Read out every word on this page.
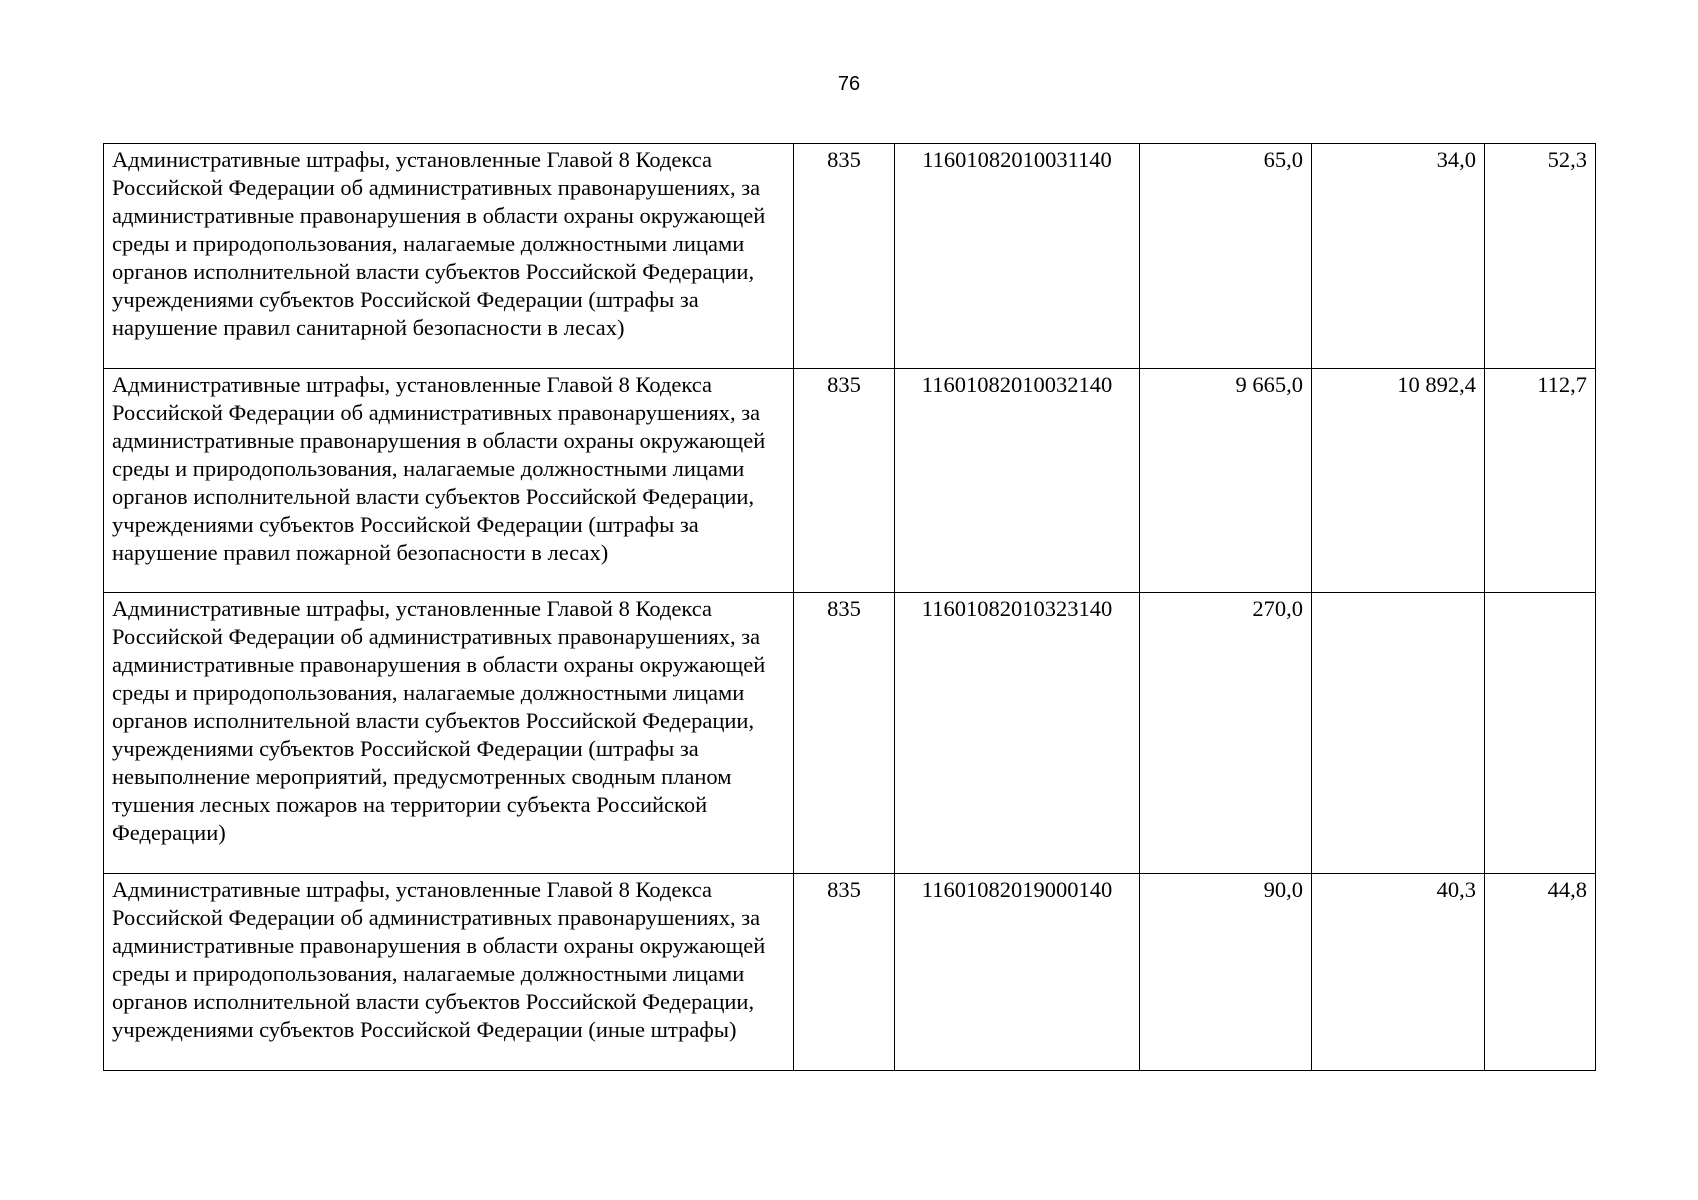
76
Административные штрафы, установленные Главой 8 Кодекса Российской Федерации об административных правонарушениях, за административные правонарушения в области охраны окружающей среды и природопользования, налагаемые должностными лицами органов исполнительной власти субъектов Российской Федерации, учреждениями субъектов Российской Федерации (штрафы за нарушение правил санитарной безопасности в лесах)	835	11601082010031140	65,0	34,0	52,3
Административные штрафы, установленные Главой 8 Кодекса Российской Федерации об административных правонарушениях, за административные правонарушения в области охраны окружающей среды и природопользования, налагаемые должностными лицами органов исполнительной власти субъектов Российской Федерации, учреждениями субъектов Российской Федерации (штрафы за нарушение правил пожарной безопасности в лесах)	835	11601082010032140	9 665,0	10 892,4	112,7
Административные штрафы, установленные Главой 8 Кодекса Российской Федерации об административных правонарушениях, за административные правонарушения в области охраны окружающей среды и природопользования, налагаемые должностными лицами органов исполнительной власти субъектов Российской Федерации, учреждениями субъектов Российской Федерации (штрафы за невыполнение мероприятий, предусмотренных сводным планом тушения лесных пожаров на территории субъекта Российской Федерации)	835	11601082010323140	270,0		
Административные штрафы, установленные Главой 8 Кодекса Российской Федерации об административных правонарушениях, за административные правонарушения в области охраны окружающей среды и природопользования, налагаемые должностными лицами органов исполнительной власти субъектов Российской Федерации, учреждениями субъектов Российской Федерации (иные штрафы)	835	11601082019000140	90,0	40,3	44,8
